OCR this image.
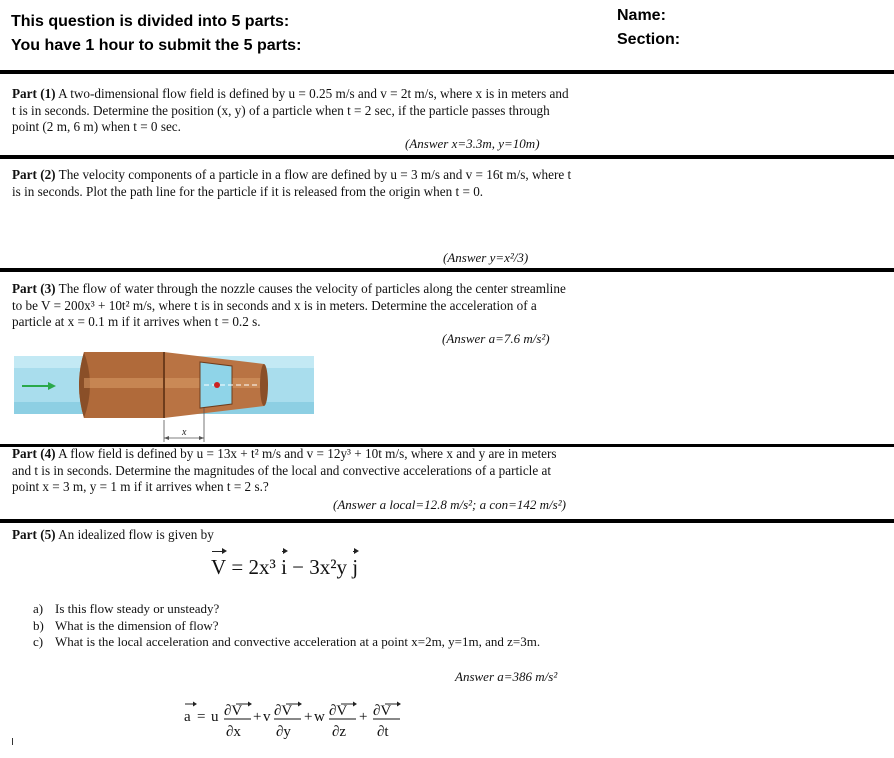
This question is divided into 5 parts:
You have 1 hour to submit the 5 parts:
Name:
Section:
Part (1) A two-dimensional flow field is defined by u = 0.25 m/s and v = 2t m/s, where x is in meters and t is in seconds. Determine the position (x, y) of a particle when t = 2 sec, if the particle passes through point (2 m, 6 m) when t = 0 sec.
(Answer x=3.3m, y=10m)
Part (2) The velocity components of a particle in a flow are defined by u = 3 m/s and v = 16t m/s, where t is in seconds. Plot the path line for the particle if it is released from the origin when t = 0.
(Answer y=x²/3)
Part (3) The flow of water through the nozzle causes the velocity of particles along the center streamline to be V = 200x³ + 10t² m/s, where t is in seconds and x is in meters. Determine the acceleration of a particle at x = 0.1 m if it arrives when t = 0.2 s.
(Answer a=7.6 m/s²)
x
Part (4) A flow field is defined by u = 13x + t² m/s and v = 12y³ + 10t m/s, where x and y are in meters and t is in seconds. Determine the magnitudes of the local and convective accelerations of a particle at point x = 3 m, y = 1 m if it arrives when t = 2 s.?
(Answer a local=12.8 m/s²; a con=142 m/s²)
Part (5) An idealized flow is given by
V = 2x³ i − 3x²y j
a) Is this flow steady or unsteady?
b) What is the dimension of flow?
c) What is the local acceleration and convective acceleration at a point x=2m, y=1m, and z=3m.
Answer a=386 m/s²
a = u ∂V
∂x
+ v ∂V
∂y
+ w ∂V
∂z
+ ∂V
∂t
